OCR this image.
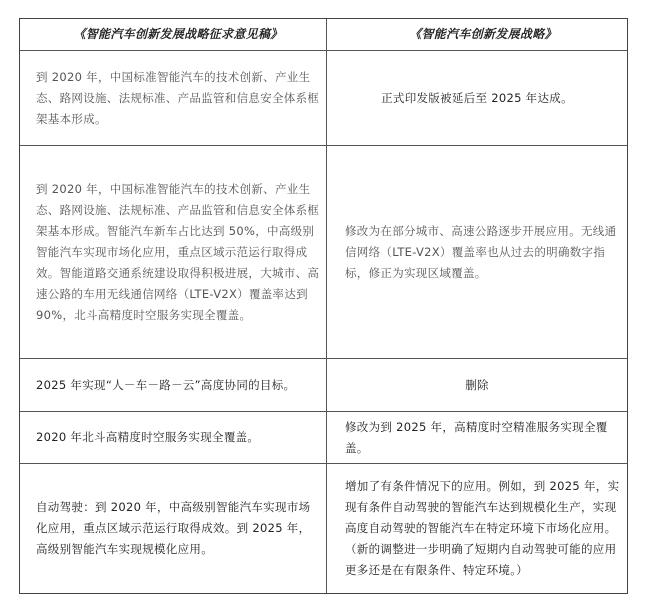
《智能汽车创新发展战略征求意见稿》	《智能汽车创新发展战略》
到 2020 年，中国标准智能汽车的技术创新、产业生态、路网设施、法规标准、产品监管和信息安全体系框架基本形成。
正式印发版被延后至 2025 年达成。
到 2020 年，中国标准智能汽车的技术创新、产业生态、路网设施、法规标准、产品监管和信息安全体系框架基本形成。智能汽车新车占比达到 50%，中高级别智能汽车实现市场化应用，重点区域示范运行取得成效。智能道路交通系统建设取得积极进展，大城市、高速公路的车用无线通信网络（LTE-V2X）覆盖率达到 90%，北斗高精度时空服务实现全覆盖。
修改为在部分城市、高速公路逐步开展应用。无线通信网络（LTE-V2X）覆盖率也从过去的明确数字指标，修正为实现区域覆盖。
2025 年实现“人－车－路－云”高度协同的目标。	删除
2020 年北斗高精度时空服务实现全覆盖。
修改为到 2025 年，高精度时空精准服务实现全覆盖。
自动驾驶：到 2020 年，中高级别智能汽车实现市场化应用，重点区域示范运行取得成效。到 2025 年，高级别智能汽车实现规模化应用。
增加了有条件情况下的应用。例如，到 2025 年，实现有条件自动驾驶的智能汽车达到规模化生产，实现高度自动驾驶的智能汽车在特定环境下市场化应用。（新的调整进一步明确了短期内自动驾驶可能的应用更多还是在有限条件、特定环境。）
